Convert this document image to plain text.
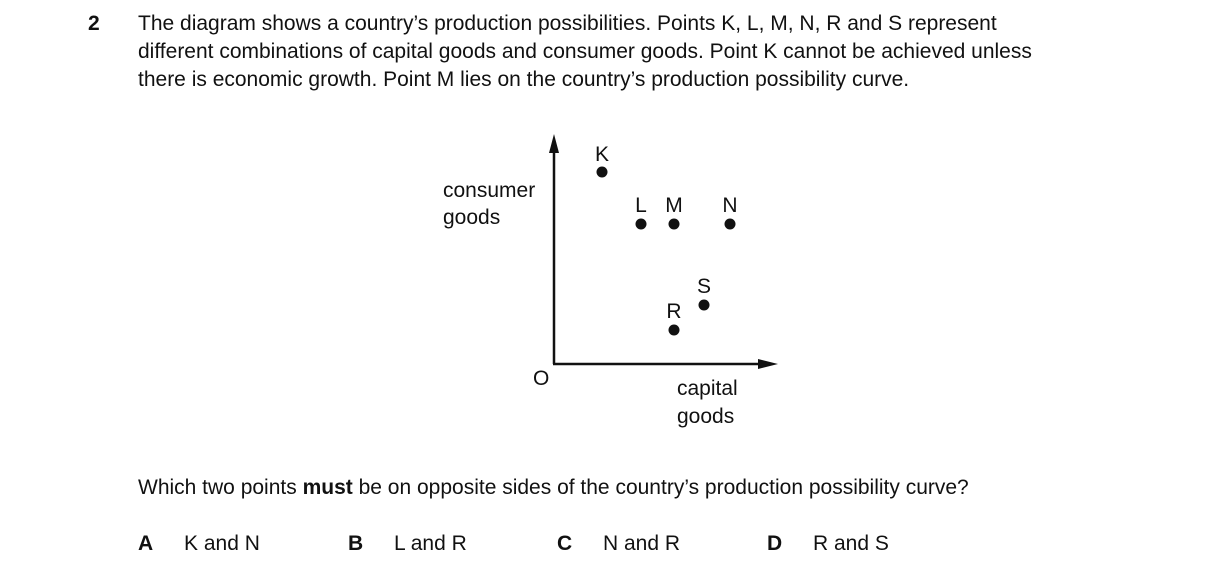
2 The diagram shows a country’s production possibilities. Points K, L, M, N, R and S represent
different combinations of capital goods and consumer goods. Point K cannot be achieved unless
there is economic growth. Point M lies on the country’s production possibility curve.
consumer
goods
capital
goods
O
K
L M N
S
R
Which two points must be on opposite sides of the country’s production possibility curve?
A K and N	B L and R	C N and R	D R and S
